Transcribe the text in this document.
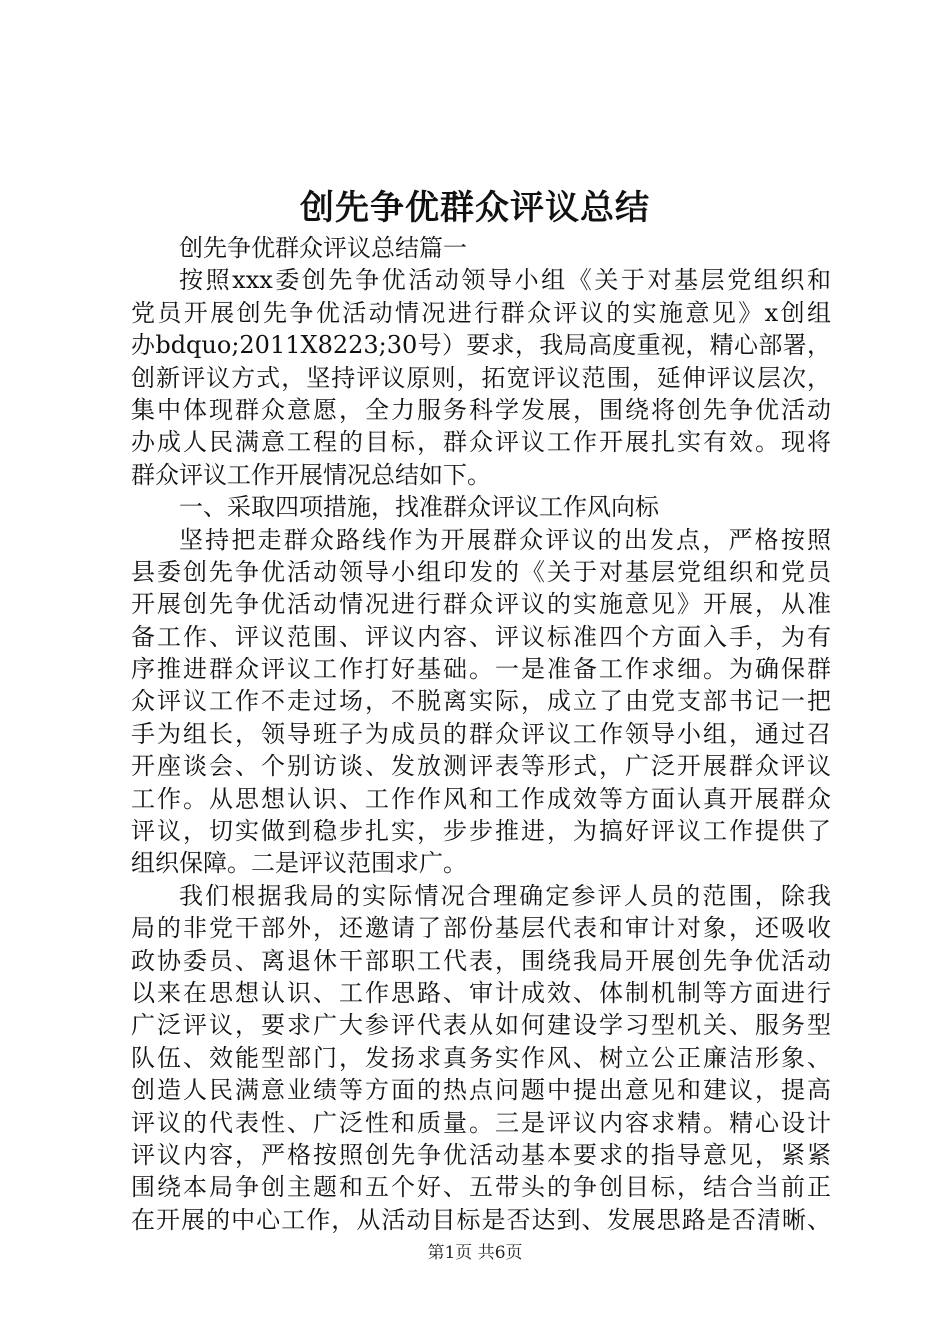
创先争优群众评议总结
创先争优群众评议总结篇一
按照xxx委创先争优活动领导小组《关于对基层党组织和
党员开展创先争优活动情况进行群众评议的实施意见》x创组
办bdquo;2011X8223;30号）要求，我局高度重视，精心部署，
创新评议方式，坚持评议原则，拓宽评议范围，延伸评议层次，
集中体现群众意愿，全力服务科学发展，围绕将创先争优活动
办成人民满意工程的目标，群众评议工作开展扎实有效。现将
群众评议工作开展情况总结如下。
一、采取四项措施，找准群众评议工作风向标
坚持把走群众路线作为开展群众评议的出发点，严格按照
县委创先争优活动领导小组印发的《关于对基层党组织和党员
开展创先争优活动情况进行群众评议的实施意见》开展，从准
备工作、评议范围、评议内容、评议标准四个方面入手，为有
序推进群众评议工作打好基础。一是准备工作求细。为确保群
众评议工作不走过场，不脱离实际，成立了由党支部书记一把
手为组长，领导班子为成员的群众评议工作领导小组，通过召
开座谈会、个别访谈、发放测评表等形式，广泛开展群众评议
工作。从思想认识、工作作风和工作成效等方面认真开展群众
评议，切实做到稳步扎实，步步推进，为搞好评议工作提供了
组织保障。二是评议范围求广。
我们根据我局的实际情况合理确定参评人员的范围，除我
局的非党干部外，还邀请了部份基层代表和审计对象，还吸收
政协委员、离退休干部职工代表，围绕我局开展创先争优活动
以来在思想认识、工作思路、审计成效、体制机制等方面进行
广泛评议，要求广大参评代表从如何建设学习型机关、服务型
队伍、效能型部门，发扬求真务实作风、树立公正廉洁形象、
创造人民满意业绩等方面的热点问题中提出意见和建议，提高
评议的代表性、广泛性和质量。三是评议内容求精。精心设计
评议内容，严格按照创先争优活动基本要求的指导意见，紧紧
围绕本局争创主题和五个好、五带头的争创目标，结合当前正
在开展的中心工作，从活动目标是否达到、发展思路是否清晰、
第1页 共6页
